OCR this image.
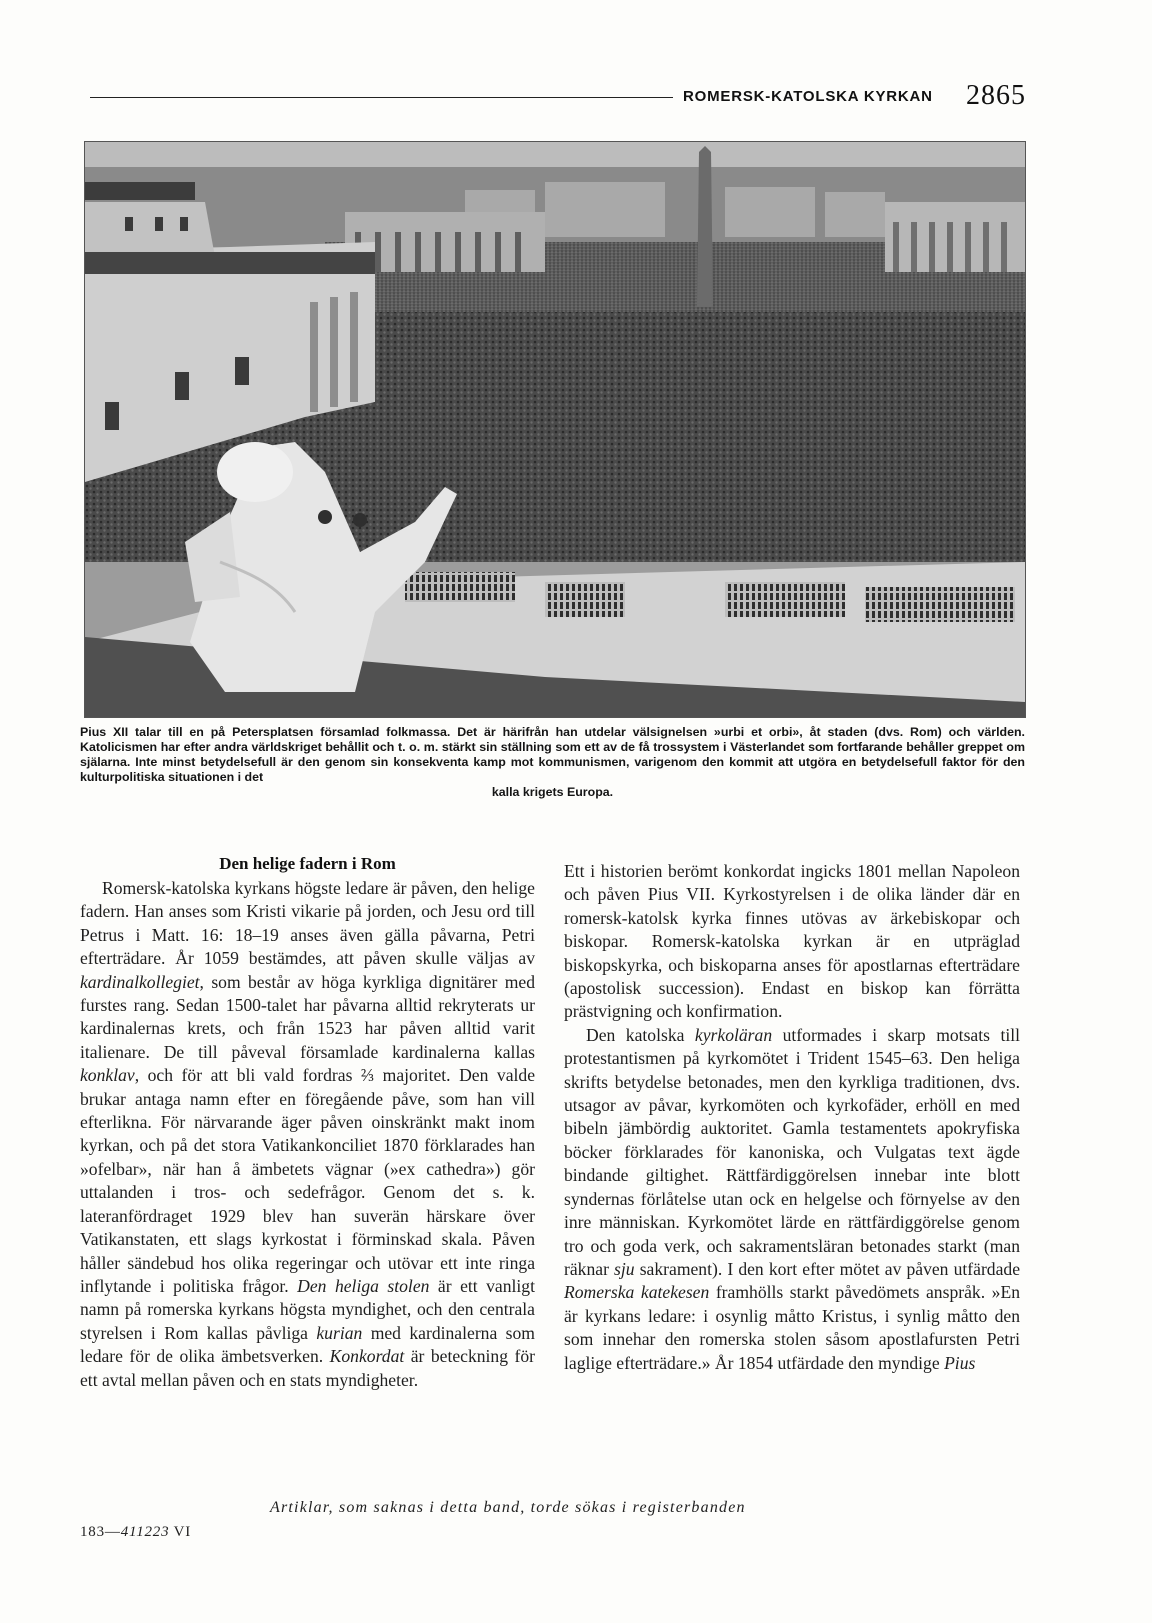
ROMERSK-KATOLSKA KYRKAN 2865
Pius XII talar till en på Petersplatsen församlad folkmassa. Det är härifrån han utdelar välsignelsen »urbi et orbi», åt staden (dvs. Rom) och världen. Katolicismen har efter andra världskriget behållit och t. o. m. stärkt sin ställning som ett av de få trossystem i Västerlandet som fortfarande behåller greppet om själarna. Inte minst betydelsefull är den genom sin konsekventa kamp mot kommunismen, varigenom den kommit att utgöra en betydelsefull faktor för den kulturpolitiska situationen i det
kalla krigets Europa.
Den helige fadern i Rom

Romersk-katolska kyrkans högste ledare är påven, den helige fadern. Han anses som Kristi vikarie på jorden, och Jesu ord till Petrus i Matt. 16: 18–19 anses även gälla påvarna, Petri efterträdare. År 1059 bestämdes, att påven skulle väljas av kardinalkollegiet, som består av höga kyrkliga dignitärer med furstes rang. Sedan 1500-talet har påvarna alltid rekryterats ur kardinalernas krets, och från 1523 har påven alltid varit italienare. De till påveval församlade kardinalerna kallas konklav, och för att bli vald fordras ⅔ majoritet. Den valde brukar antaga namn efter en föregående påve, som han vill efterlikna. För närvarande äger påven oinskränkt makt inom kyrkan, och på det stora Vatikankonciliet 1870 förklarades han »ofelbar», när han å ämbetets vägnar (»ex cathedra») gör uttalanden i tros- och sedefrågor. Genom det s. k. lateranfördraget 1929 blev han suverän härskare över Vatikanstaten, ett slags kyrkostat i förminskad skala. Påven håller sändebud hos olika regeringar och utövar ett inte ringa inflytande i politiska frågor. Den heliga stolen är ett vanligt namn på romerska kyrkans högsta myndighet, och den centrala styrelsen i Rom kallas påvliga kurian med kardinalerna som ledare för de olika ämbetsverken. Konkordat är beteckning för ett avtal mellan påven och en stats myndigheter.

Ett i historien berömt konkordat ingicks 1801 mellan Napoleon och påven Pius VII. Kyrkostyrelsen i de olika länder där en romersk-katolsk kyrka finnes utövas av ärkebiskopar och biskopar. Romersk-katolska kyrkan är en utpräglad biskopskyrka, och biskoparna anses för apostlarnas efterträdare (apostolisk succession). Endast en biskop kan förrätta prästvigning och konfirmation.

Den katolska kyrkoläran utformades i skarp motsats till protestantismen på kyrkomötet i Trident 1545–63. Den heliga skrifts betydelse betonades, men den kyrkliga traditionen, dvs. utsagor av påvar, kyrkomöten och kyrkofäder, erhöll en med bibeln jämbördig auktoritet. Gamla testamentets apokryfiska böcker förklarades för kanoniska, och Vulgatas text ägde bindande giltighet. Rättfärdiggörelsen innebar inte blott syndernas förlåtelse utan ock en helgelse och förnyelse av den inre människan. Kyrkomötet lärde en rättfärdiggörelse genom tro och goda verk, och sakramentsläran betonades starkt (man räknar sju sakrament). I den kort efter mötet av påven utfärdade Romerska katekesen framhölls starkt påvedömets anspråk. »En är kyrkans ledare: i osynlig måtto Kristus, i synlig måtto den som innehar den romerska stolen såsom apostlafursten Petri laglige efterträdare.» År 1854 utfärdade den myndige Pius

Artiklar, som saknas i detta band, torde sökas i registerbanden
183—411223 VI
